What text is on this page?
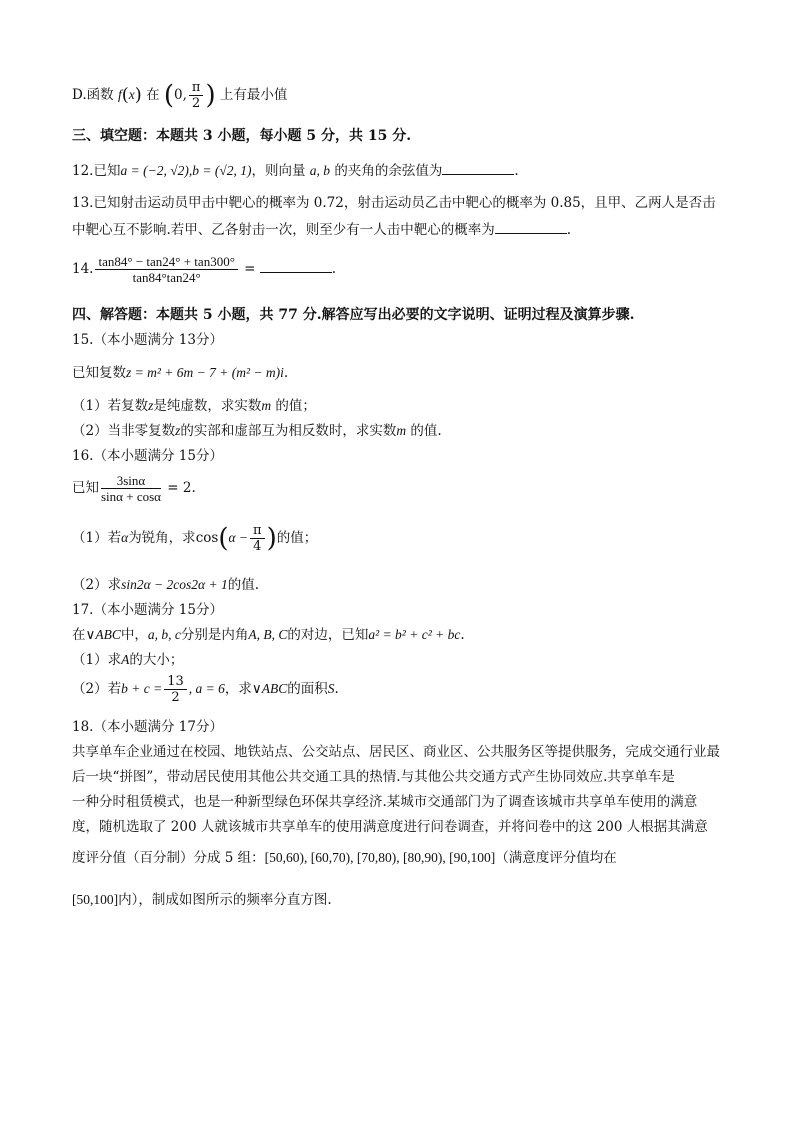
D.函数 f(x) 在 (0, $\frac{\pi}{2}$ ) 上有最小值
三、填空题：本题共 3 小题，每小题 5 分，共 15 分.
12.已知a = (−2, √2),b = (√2, 1)，则向量 a, b 的夹角的余弦值为	.
13.已知射击运动员甲击中靶心的概率为 0.72，射击运动员乙击中靶心的概率为 0.85，且甲、乙两人是否击
中靶心互不影响.若甲、乙各射击一次，则至少有一人击中靶心的概率为	.
14. $\frac{\tan 84^\circ - \tan 24^\circ + \tan 300^\circ}{\tan 84^\circ\tan 24^\circ}$ =	.
四、解答题：本题共 5 小题，共 77 分.解答应写出必要的文字说明、证明过程及演算步骤.
15.（本小题满分 13分）
已知复数z = m² + 6m − 7 + (m² − m)i.
（1）若复数z是纯虚数，求实数m 的值；
（2）当非零复数z的实部和虚部互为相反数时，求实数m 的值.
16.（本小题满分 15分）
已知 $\frac{3\sin\alpha}{\sin\alpha + \cos\alpha} = 2$.
（1）若α为锐角，求$\cos(\alpha - \frac{\pi}{4}$ )的值；
（2）求sin2α − 2cos2α + 1的值.
17.（本小题满分 15分）
在∨ABC中，a, b, c分别是内角A, B, C的对边，已知a² = b² + c² + bc.
（1）求A的大小；
（2）若$b + c = \frac{13}{2}$ , a = 6，求∨ABC的面积S.
18.（本小题满分 17分）
共享单车企业通过在校园、地铁站点、公交站点、居民区、商业区、公共服务区等提供服务，完成交通行业最
后一块“拼图”，带动居民使用其他公共交通工具的热情.与其他公共交通方式产生协同效应.共享单车是
一种分时租赁模式，也是一种新型绿色环保共享经济.某城市交通部门为了调查该城市共享单车使用的满意
度，随机选取了 200 人就该城市共享单车的使用满意度进行问卷调查，并将问卷中的这 200 人根据其满意
度评分值（百分制）分成 5 组：[50,60), [60,70), [70,80), [80,90), [90,100]（满意度评分值均在
[50,100]内），制成如图所示的频率分直方图.
